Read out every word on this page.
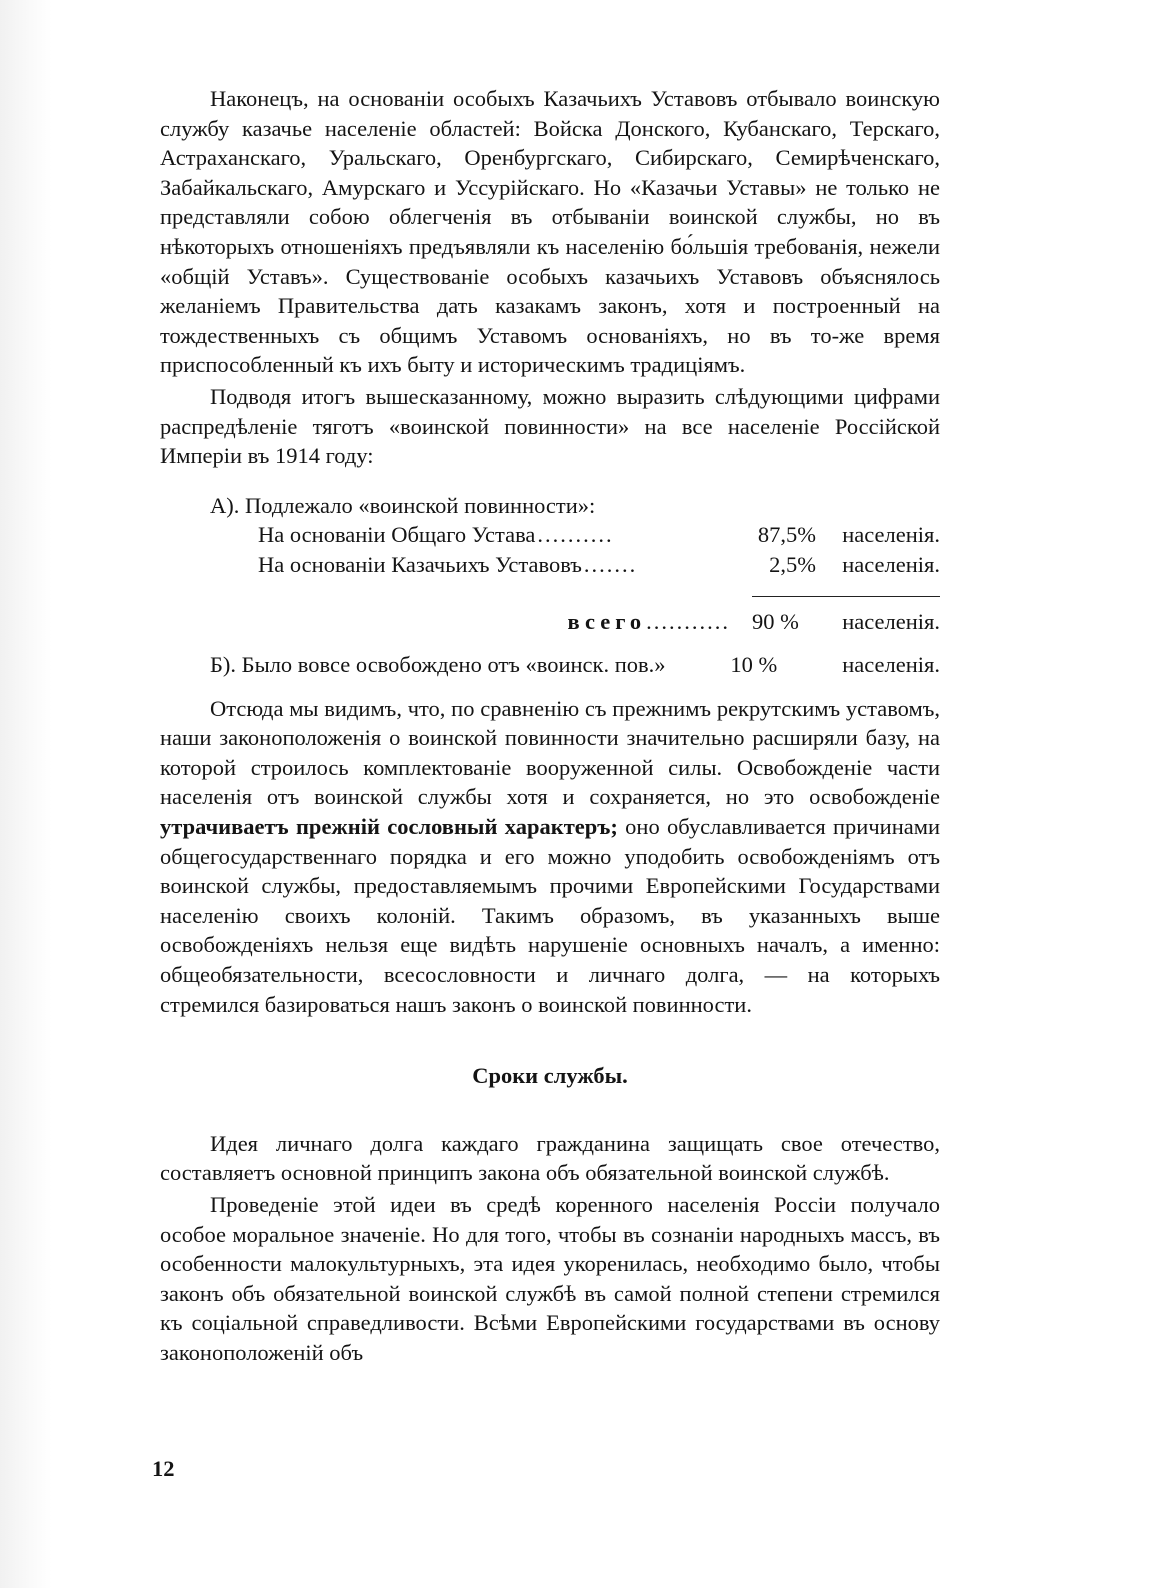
Наконецъ, на основаніи особыхъ Казачьихъ Уставовъ отбывало воинскую службу казачье населеніе областей: Войска Донского, Кубанскаго, Терскаго, Астраханскаго, Уральскаго, Оренбургскаго, Сибирскаго, Семирѣченскаго, Забайкальскаго, Амурскаго и Уссурійскаго. Но «Казачьи Уставы» не только не представляли собою облегченія въ отбываніи воинской службы, но въ нѣкоторыхъ отношеніяхъ предъявляли къ населенію бо́льшія требованія, нежели «общій Уставъ». Существованіе особыхъ казачьихъ Уставовъ объяснялось желаніемъ Правительства дать казакамъ законъ, хотя и построенный на тождественныхъ съ общимъ Уставомъ основаніяхъ, но въ то-же время приспособленный къ ихъ быту и историческимъ традиціямъ.

Подводя итогъ вышесказанному, можно выразить слѣдующими цифрами распредѣленіе тяготъ «воинской повинности» на все населеніе Россійской Имперіи въ 1914 году:

А). Подлежало «воинской повинности»:
На основаніи Общаго Устава ..........	87,5%	населенія.
На основаніи Казачьихъ Уставовъ .......	2,5%	населенія.
всего ........... 90 %	населенія.
Б). Было вовсе освобождено отъ «воинск. пов.»	10 %	населенія.

Отсюда мы видимъ, что, по сравненію съ прежнимъ рекрутскимъ уставомъ, наши законоположенія о воинской повинности значительно расширяли базу, на которой строилось комплектованіе вооруженной силы. Освобожденіе части населенія отъ воинской службы хотя и сохраняется, но это освобожденіе утрачиваетъ прежній сословный характеръ; оно обуславливается причинами общегосударственнаго порядка и его можно уподобить освобожденіямъ отъ воинской службы, предоставляемымъ прочими Европейскими Государствами населенію своихъ колоній. Такимъ образомъ, въ указанныхъ выше освобожденіяхъ нельзя еще видѣть нарушеніе основныхъ началъ, а именно: общеобязательности, всесословности и личнаго долга, — на которыхъ стремился базироваться нашъ законъ о воинской повинности.

Сроки службы.

Идея личнаго долга каждаго гражданина защищать свое отечество, составляетъ основной принципъ закона объ обязательной воинской службѣ.

Проведеніе этой идеи въ средѣ коренного населенія Россіи получало особое моральное значеніе. Но для того, чтобы въ сознаніи народныхъ массъ, въ особенности малокультурныхъ, эта идея укоренилась, необходимо было, чтобы законъ объ обязательной воинской службѣ въ самой полной степени стремился къ соціальной справедливости. Всѣми Европейскими государствами въ основу законоположеній объ

12
